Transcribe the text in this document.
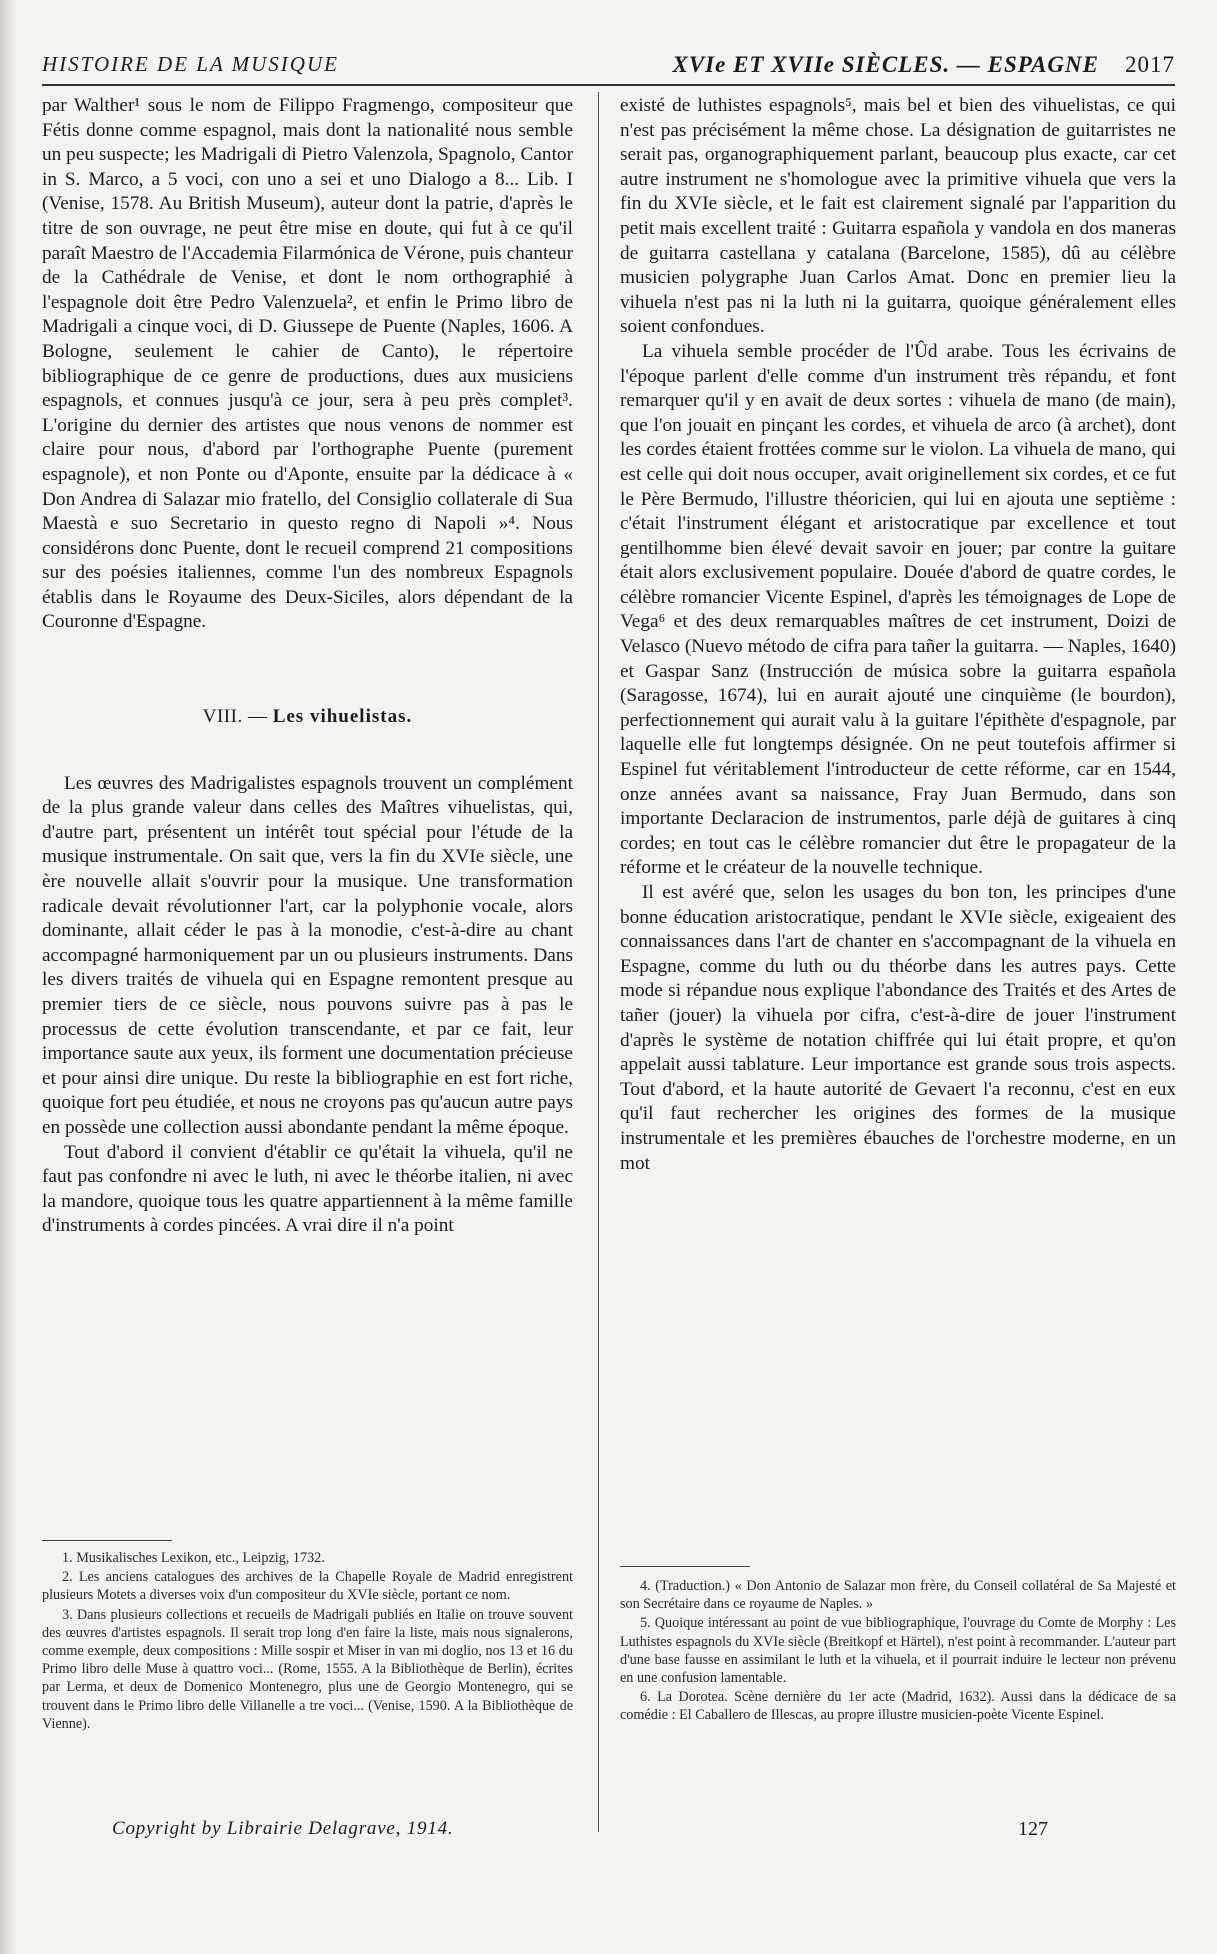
HISTOIRE DE LA MUSIQUE	XVIe ET XVIIe SIÈCLES. — ESPAGNE 2017

par Walther¹ sous le nom de Filippo Fragmengo, compositeur que Fétis donne comme espagnol, mais dont la nationalité nous semble un peu suspecte; les Madrigali di Pietro Valenzola, Spagnolo, Cantor in S. Marco, a 5 voci, con uno a sei et uno Dialogo a 8... Lib. I (Venise, 1578. Au British Museum), auteur dont la patrie, d'après le titre de son ouvrage, ne peut être mise en doute, qui fut à ce qu'il paraît Maestro de l'Accademia Filarmónica de Vérone, puis chanteur de la Cathédrale de Venise, et dont le nom orthographié à l'espagnole doit être Pedro Valenzuela², et enfin le Primo libro de Madrigali a cinque voci, di D. Giussepe de Puente (Naples, 1606. A Bologne, seulement le cahier de Canto), le répertoire bibliographique de ce genre de productions, dues aux musiciens espagnols, et connues jusqu'à ce jour, sera à peu près complet³. L'origine du dernier des artistes que nous venons de nommer est claire pour nous, d'abord par l'orthographe Puente (purement espagnole), et non Ponte ou d'Aponte, ensuite par la dédicace à « Don Andrea di Salazar mio fratello, del Consiglio collaterale di Sua Maestà e suo Secretario in questo regno di Napoli »⁴. Nous considérons donc Puente, dont le recueil comprend 21 compositions sur des poésies italiennes, comme l'un des nombreux Espagnols établis dans le Royaume des Deux-Siciles, alors dépendant de la Couronne d'Espagne.

VIII. — Les vihuelistas.

Les œuvres des Madrigalistes espagnols trouvent un complément de la plus grande valeur dans celles des Maîtres vihuelistas, qui, d'autre part, présentent un intérêt tout spécial pour l'étude de la musique instrumentale. On sait que, vers la fin du XVIe siècle, une ère nouvelle allait s'ouvrir pour la musique. Une transformation radicale devait révolutionner l'art, car la polyphonie vocale, alors dominante, allait céder le pas à la monodie, c'est-à-dire au chant accompagné harmoniquement par un ou plusieurs instruments. Dans les divers traités de vihuela qui en Espagne remontent presque au premier tiers de ce siècle, nous pouvons suivre pas à pas le processus de cette évolution transcendante, et par ce fait, leur importance saute aux yeux, ils forment une documentation précieuse et pour ainsi dire unique. Du reste la bibliographie en est fort riche, quoique fort peu étudiée, et nous ne croyons pas qu'aucun autre pays en possède une collection aussi abondante pendant la même époque.

Tout d'abord il convient d'établir ce qu'était la vihuela, qu'il ne faut pas confondre ni avec le luth, ni avec le théorbe italien, ni avec la mandore, quoique tous les quatre appartiennent à la même famille d'instruments à cordes pincées. A vrai dire il n'a point

existé de luthistes espagnols⁵, mais bel et bien des vihuelistas, ce qui n'est pas précisément la même chose. La désignation de guitarristes ne serait pas, organographiquement parlant, beaucoup plus exacte, car cet autre instrument ne s'homologue avec la primitive vihuela que vers la fin du XVIe siècle, et le fait est clairement signalé par l'apparition du petit mais excellent traité : Guitarra española y vandola en dos maneras de guitarra castellana y catalana (Barcelone, 1585), dû au célèbre musicien polygraphe Juan Carlos Amat. Donc en premier lieu la vihuela n'est pas ni la luth ni la guitarra, quoique généralement elles soient confondues.

La vihuela semble procéder de l'Ûd arabe. Tous les écrivains de l'époque parlent d'elle comme d'un instrument très répandu, et font remarquer qu'il y en avait de deux sortes : vihuela de mano (de main), que l'on jouait en pinçant les cordes, et vihuela de arco (à archet), dont les cordes étaient frottées comme sur le violon. La vihuela de mano, qui est celle qui doit nous occuper, avait originellement six cordes, et ce fut le Père Bermudo, l'illustre théoricien, qui lui en ajouta une septième : c'était l'instrument élégant et aristocratique par excellence et tout gentilhomme bien élevé devait savoir en jouer; par contre la guitare était alors exclusivement populaire. Douée d'abord de quatre cordes, le célèbre romancier Vicente Espinel, d'après les témoignages de Lope de Vega⁶ et des deux remarquables maîtres de cet instrument, Doizi de Velasco (Nuevo método de cifra para tañer la guitarra. — Naples, 1640) et Gaspar Sanz (Instrucción de música sobre la guitarra española (Saragosse, 1674), lui en aurait ajouté une cinquième (le bourdon), perfectionnement qui aurait valu à la guitare l'épithète d'espagnole, par laquelle elle fut longtemps désignée. On ne peut toutefois affirmer si Espinel fut véritablement l'introducteur de cette réforme, car en 1544, onze années avant sa naissance, Fray Juan Bermudo, dans son importante Declaracion de instrumentos, parle déjà de guitares à cinq cordes; en tout cas le célèbre romancier dut être le propagateur de la réforme et le créateur de la nouvelle technique.

Il est avéré que, selon les usages du bon ton, les principes d'une bonne éducation aristocratique, pendant le XVIe siècle, exigeaient des connaissances dans l'art de chanter en s'accompagnant de la vihuela en Espagne, comme du luth ou du théorbe dans les autres pays. Cette mode si répandue nous explique l'abondance des Traités et des Artes de tañer (jouer) la vihuela por cifra, c'est-à-dire de jouer l'instrument d'après le système de notation chiffrée qui lui était propre, et qu'on appelait aussi tablature. Leur importance est grande sous trois aspects. Tout d'abord, et la haute autorité de Gevaert l'a reconnu, c'est en eux qu'il faut rechercher les origines des formes de la musique instrumentale et les premières ébauches de l'orchestre moderne, en un mot

1. Musikalisches Lexikon, etc., Leipzig, 1732.

2. Les anciens catalogues des archives de la Chapelle Royale de Madrid enregistrent plusieurs Motets a diverses voix d'un compositeur du XVIe siècle, portant ce nom.

3. Dans plusieurs collections et recueils de Madrigali publiés en Italie on trouve souvent des œuvres d'artistes espagnols. Il serait trop long d'en faire la liste, mais nous signalerons, comme exemple, deux compositions : Mille sospir et Miser in van mi doglio, nos 13 et 16 du Primo libro delle Muse à quattro voci... (Rome, 1555. A la Bibliothèque de Berlin), écrites par Lerma, et deux de Domenico Montenegro, plus une de Georgio Montenegro, qui se trouvent dans le Primo libro delle Villanelle a tre voci... (Venise, 1590. A la Bibliothèque de Vienne).

4. (Traduction.) « Don Antonio de Salazar mon frère, du Conseil collatéral de Sa Majesté et son Secrétaire dans ce royaume de Naples. »

5. Quoique intéressant au point de vue bibliographique, l'ouvrage du Comte de Morphy : Les Luthistes espagnols du XVIe siècle (Breitkopf et Härtel), n'est point à recommander. L'auteur part d'une base fausse en assimilant le luth et la vihuela, et il pourrait induire le lecteur non prévenu en une confusion lamentable.

6. La Dorotea. Scène dernière du 1er acte (Madrid, 1632). Aussi dans la dédicace de sa comédie : El Caballero de Illescas, au propre illustre musicien-poète Vicente Espinel.

Copyright by Librairie Delagrave, 1914.	127
